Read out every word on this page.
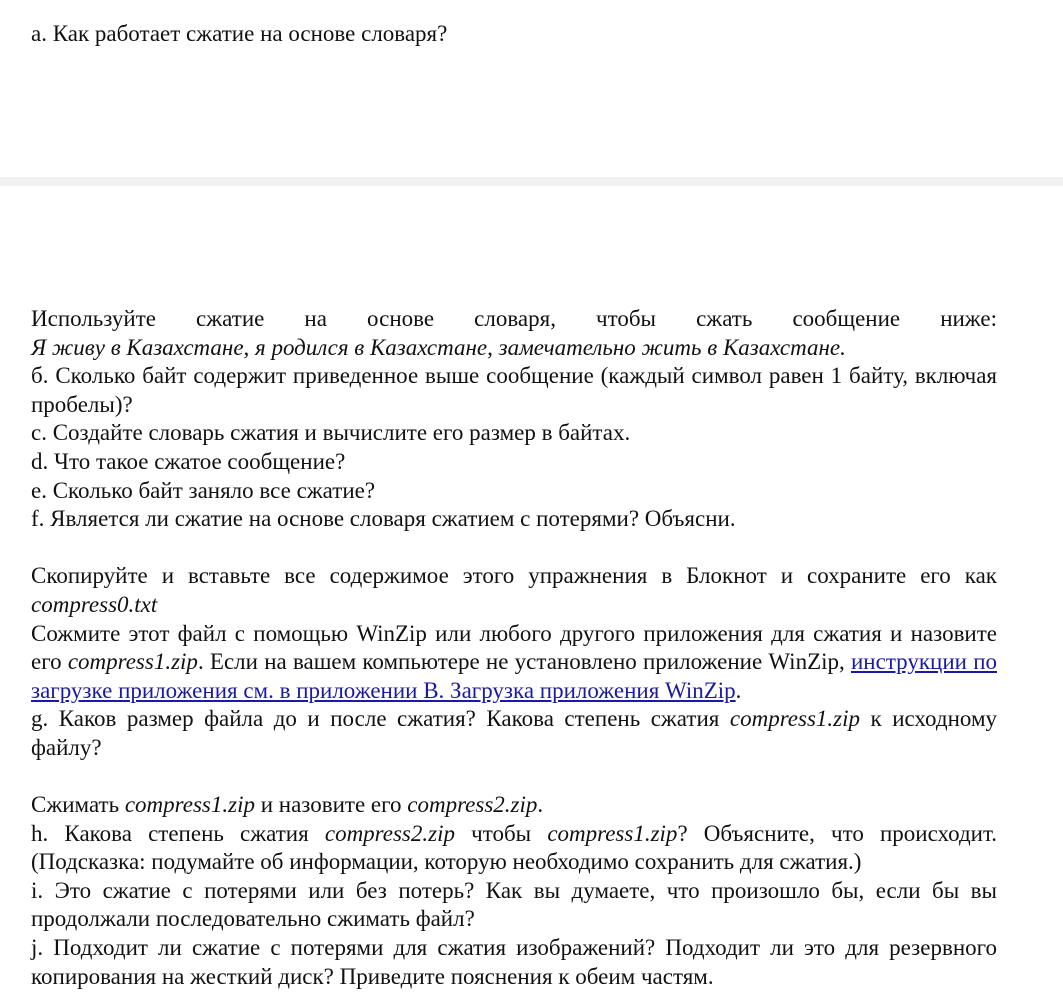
а. Как работает сжатие на основе словаря?

Используйте сжатие на основе словаря, чтобы сжать сообщение ниже:

Я живу в Казахстане, я родился в Казахстане, замечательно жить в Казахстане.

б. Сколько байт содержит приведенное выше сообщение (каждый символ равен 1 байту, включая пробелы)?

c. Создайте словарь сжатия и вычислите его размер в байтах.

d. Что такое сжатое сообщение?

e. Сколько байт заняло все сжатие?

f. Является ли сжатие на основе словаря сжатием с потерями? Объясни.

Скопируйте и вставьте все содержимое этого упражнения в Блокнот и сохраните его как compress0.txt

Сожмите этот файл с помощью WinZip или любого другого приложения для сжатия и назовите его compress1.zip. Если на вашем компьютере не установлено приложение WinZip, инструкции по загрузке приложения см. в приложении B. Загрузка приложения WinZip.

g. Каков размер файла до и после сжатия? Какова степень сжатия compress1.zip к исходному файлу?

Сжимать compress1.zip и назовите его compress2.zip.

h. Какова степень сжатия compress2.zip чтобы compress1.zip? Объясните, что происходит. (Подсказка: подумайте об информации, которую необходимо сохранить для сжатия.)

i. Это сжатие с потерями или без потерь? Как вы думаете, что произошло бы, если бы вы продолжали последовательно сжимать файл?

j. Подходит ли сжатие с потерями для сжатия изображений? Подходит ли это для резервного копирования на жесткий диск? Приведите пояснения к обеим частям.
